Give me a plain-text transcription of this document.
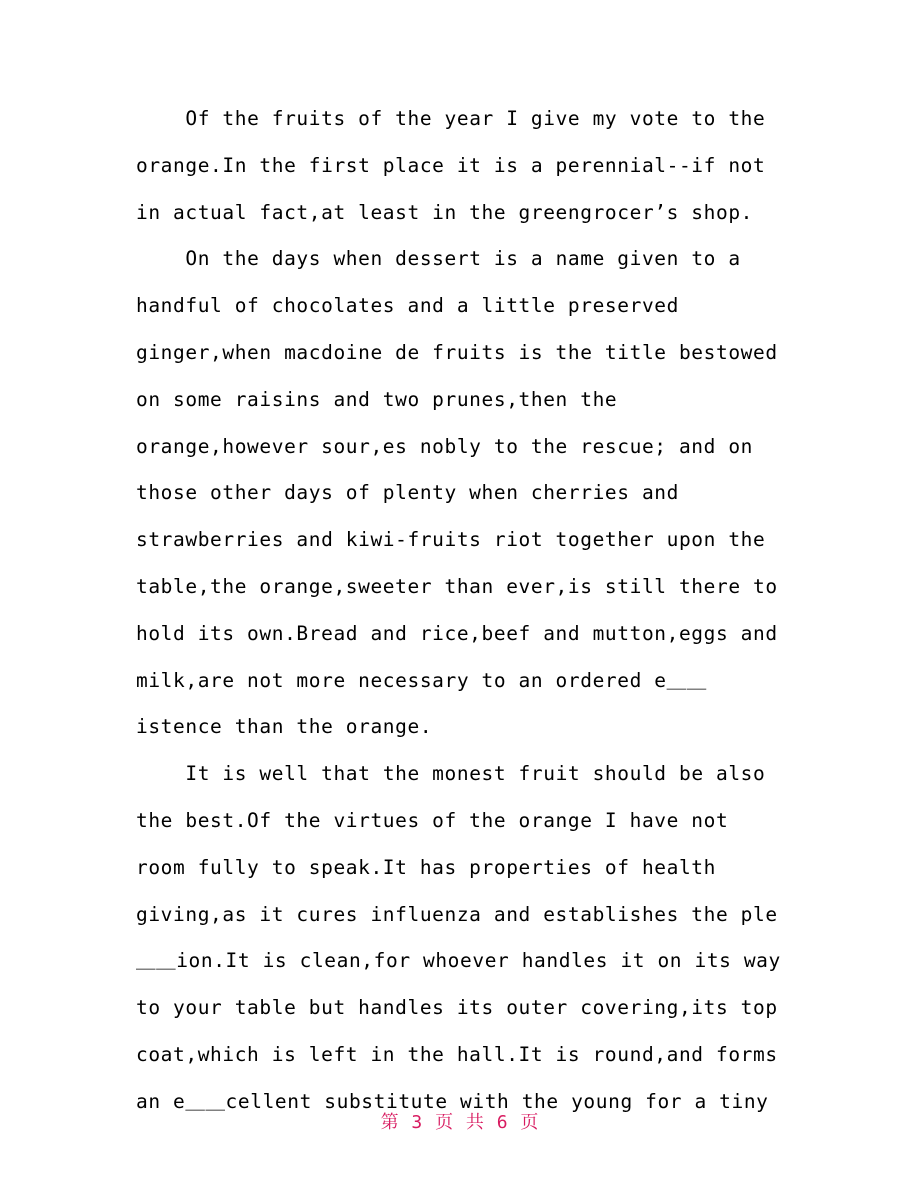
Of the fruits of the year I give my vote to the orange.In the first place it is a perennial--if not in actual fact,at least in the greengrocer’s shop.

On the days when dessert is a name given to a handful of chocolates and a little preserved ginger,when macdoine de fruits is the title bestowed on some raisins and two prunes,then the orange,however sour,es nobly to the rescue; and on those other days of plenty when cherries and strawberries and kiwi-fruits riot together upon the table,the orange,sweeter than ever,is still there to hold its own.Bread and rice,beef and mutton,eggs and milk,are not more necessary to an ordered e＿＿istence than the orange.

It is well that the monest fruit should be also the best.Of the virtues of the orange I have not room fully to speak.It has properties of health giving,as it cures influenza and establishes the ple＿＿ion.It is clean,for whoever handles it on its way to your table but handles its outer covering,its top coat,which is left in the hall.It is round,and forms an e＿＿cellent substitute with the young for a tiny

第 3 页 共 6 页
